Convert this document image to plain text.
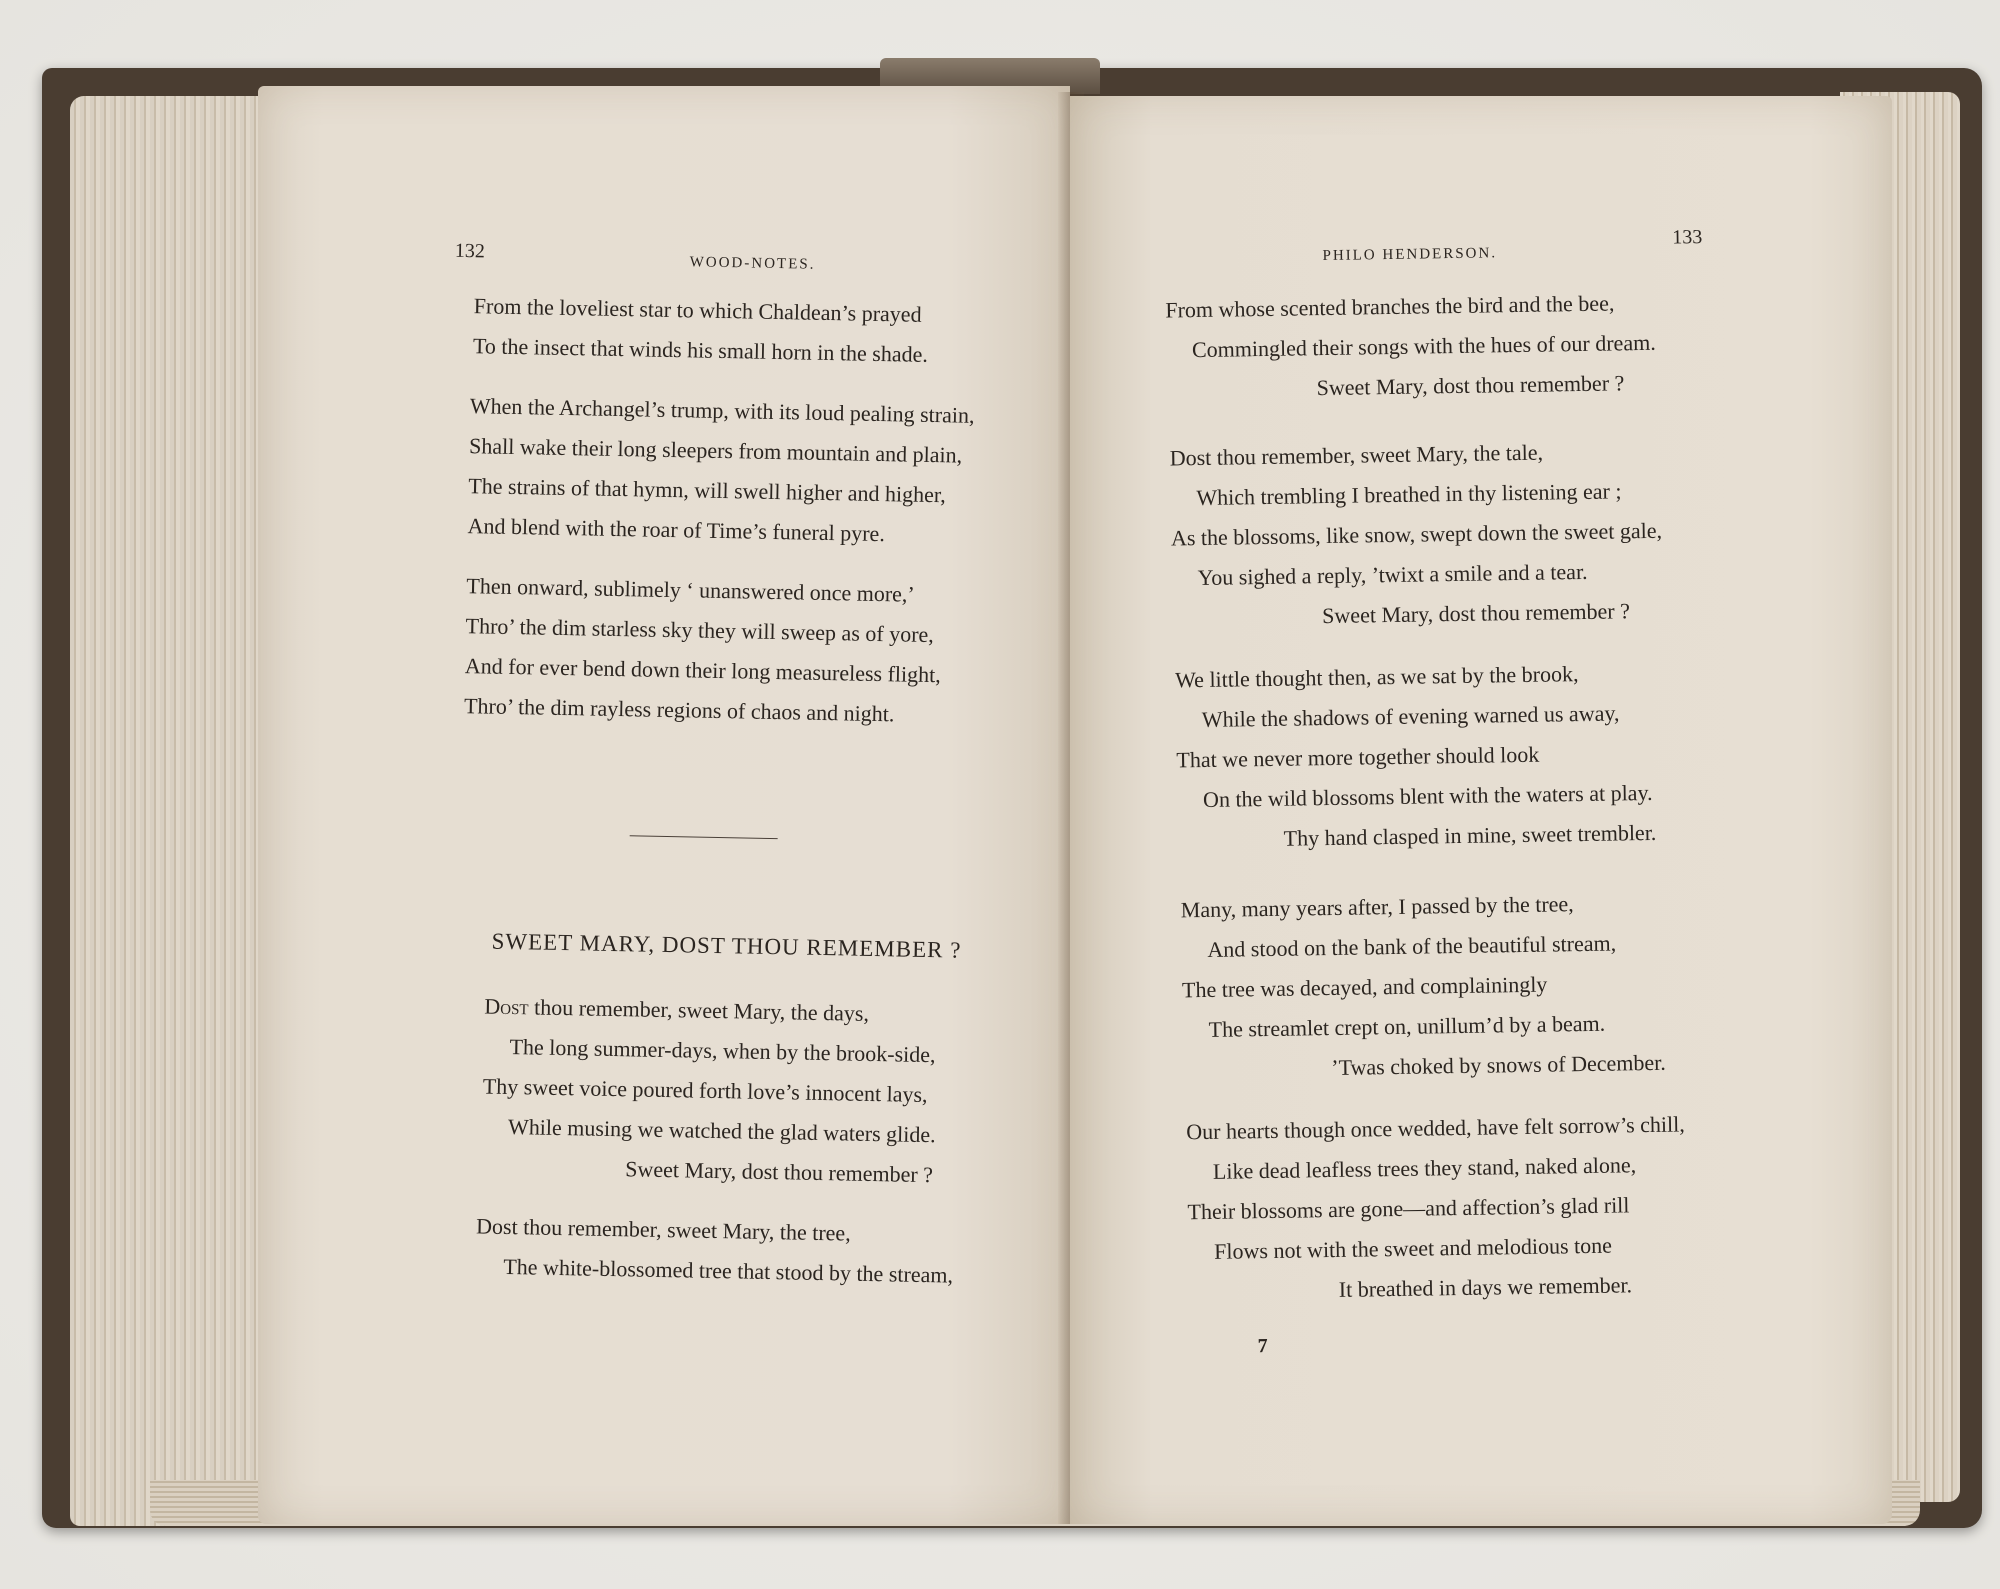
132
WOOD-NOTES.
From the loveliest star to which Chaldean’s prayed
To the insect that winds his small horn in the shade.
When the Archangel’s trump, with its loud pealing strain,
Shall wake their long sleepers from mountain and plain,
The strains of that hymn, will swell higher and higher,
And blend with the roar of Time’s funeral pyre.
Then onward, sublimely ‘ unanswered once more,’
Thro’ the dim starless sky they will sweep as of yore,
And for ever bend down their long measureless flight,
Thro’ the dim rayless regions of chaos and night.
SWEET MARY, DOST THOU REMEMBER ?
Dost thou remember, sweet Mary, the days,
The long summer-days, when by the brook-side,
Thy sweet voice poured forth love’s innocent lays,
While musing we watched the glad waters glide.
Sweet Mary, dost thou remember ?
Dost thou remember, sweet Mary, the tree,
The white-blossomed tree that stood by the stream,
PHILO HENDERSON.
133
From whose scented branches the bird and the bee,
Commingled their songs with the hues of our dream.
Sweet Mary, dost thou remember ?
Dost thou remember, sweet Mary, the tale,
Which trembling I breathed in thy listening ear ;
As the blossoms, like snow, swept down the sweet gale,
You sighed a reply, ’twixt a smile and a tear.
Sweet Mary, dost thou remember ?
We little thought then, as we sat by the brook,
While the shadows of evening warned us away,
That we never more together should look
On the wild blossoms blent with the waters at play.
Thy hand clasped in mine, sweet trembler.
Many, many years after, I passed by the tree,
And stood on the bank of the beautiful stream,
The tree was decayed, and complainingly
The streamlet crept on, unillum’d by a beam.
’Twas choked by snows of December.
Our hearts though once wedded, have felt sorrow’s chill,
Like dead leafless trees they stand, naked alone,
Their blossoms are gone—and affection’s glad rill
Flows not with the sweet and melodious tone
It breathed in days we remember.
7
